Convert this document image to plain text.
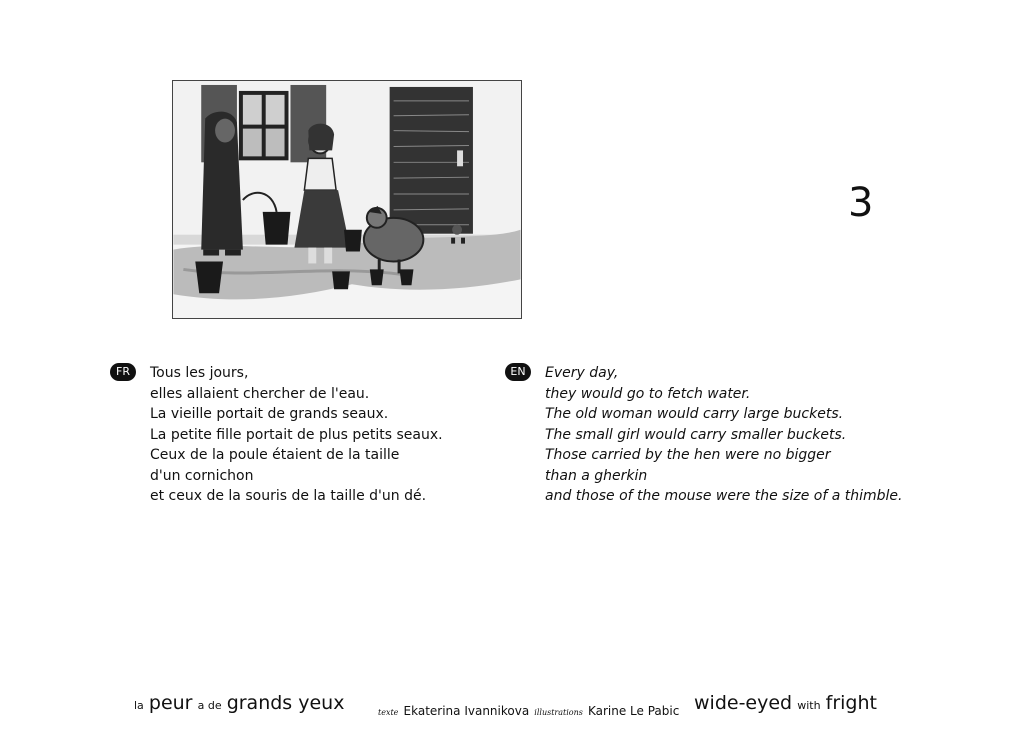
3
FR	Tous les jours,
elles allaient chercher de l'eau.
La vieille portait de grands seaux.
La petite fille portait de plus petits seaux.
Ceux de la poule étaient de la taille
d'un cornichon
et ceux de la souris de la taille d'un dé.
EN	Every day,
they would go to fetch water.
The old woman would carry large buckets.
The small girl would carry smaller buckets.
Those carried by the hen were no bigger
than a gherkin
and those of the mouse were the size of a thimble.
la peur a de grands yeux	texte Ekaterina Ivannikova illustrations Karine Le Pabic wide-eyed with fright
